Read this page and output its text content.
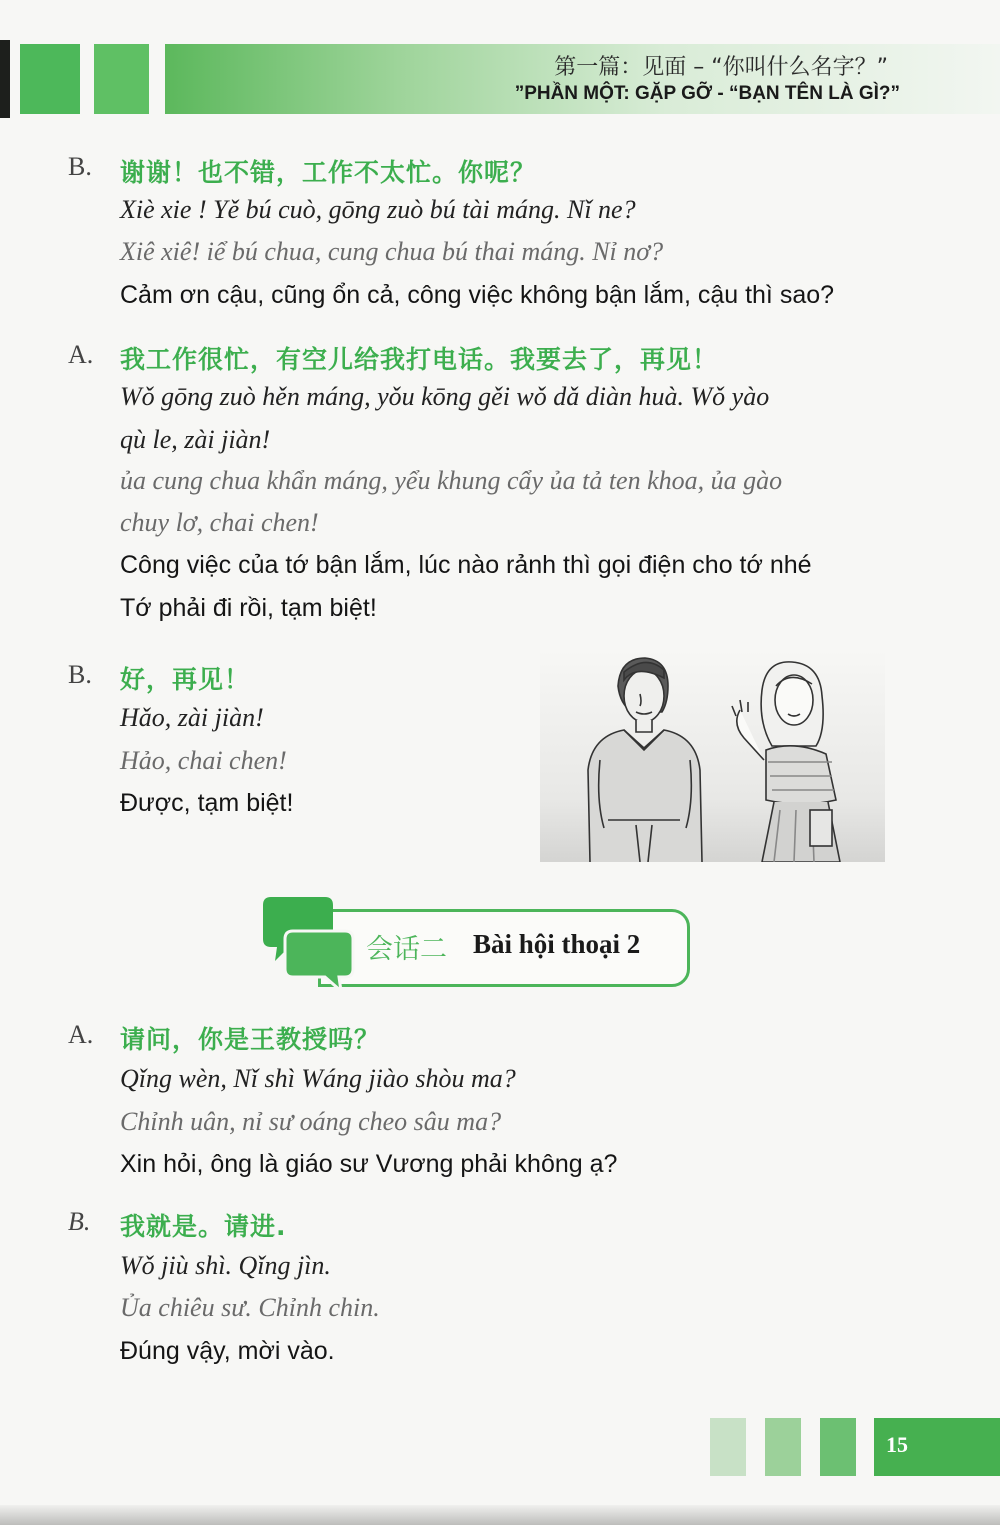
第一篇：见面 – “你叫什么名字？”
”PHẦN MỘT: GẶP GỠ - “BẠN TÊN LÀ GÌ?”
B. 谢谢！也不错，工作不太忙。你呢？
Xiè xie ! Yě bú cuò, gōng zuò bú tài máng. Nǐ ne?
Xiê xiê! iể bú chua, cung chua bú thai máng. Nỉ nơ?
Cảm ơn cậu, cũng ổn cả, công việc không bận lắm, cậu thì sao?
A. 我工作很忙，有空儿给我打电话。我要去了，再见！
Wǒ gōng zuò hěn máng, yǒu kōng gěi wǒ dǎ diàn huà. Wǒ yào
qù le, zài jiàn!
ủa cung chua khẩn máng, yểu khung cẩy ủa tả ten khoa, ủa gào
chuy lơ, chai chen!
Công việc của tớ bận lắm, lúc nào rảnh thì gọi điện cho tớ nhé
Tớ phải đi rồi, tạm biệt!
B. 好，再见！
Hǎo, zài jiàn!
Hảo, chai chen!
Được, tạm biệt!
会话二 Bài hội thoại 2
A. 请问，你是王教授吗？
Qǐng wèn, Nǐ shì Wáng jiào shòu ma?
Chỉnh uân, nỉ sư oáng cheo sâu ma?
Xin hỏi, ông là giáo sư Vương phải không ạ?
B. 我就是。请进.
Wǒ jiù shì. Qǐng jìn.
Ủa chiêu sư. Chỉnh chin.
Đúng vậy, mời vào.
15
